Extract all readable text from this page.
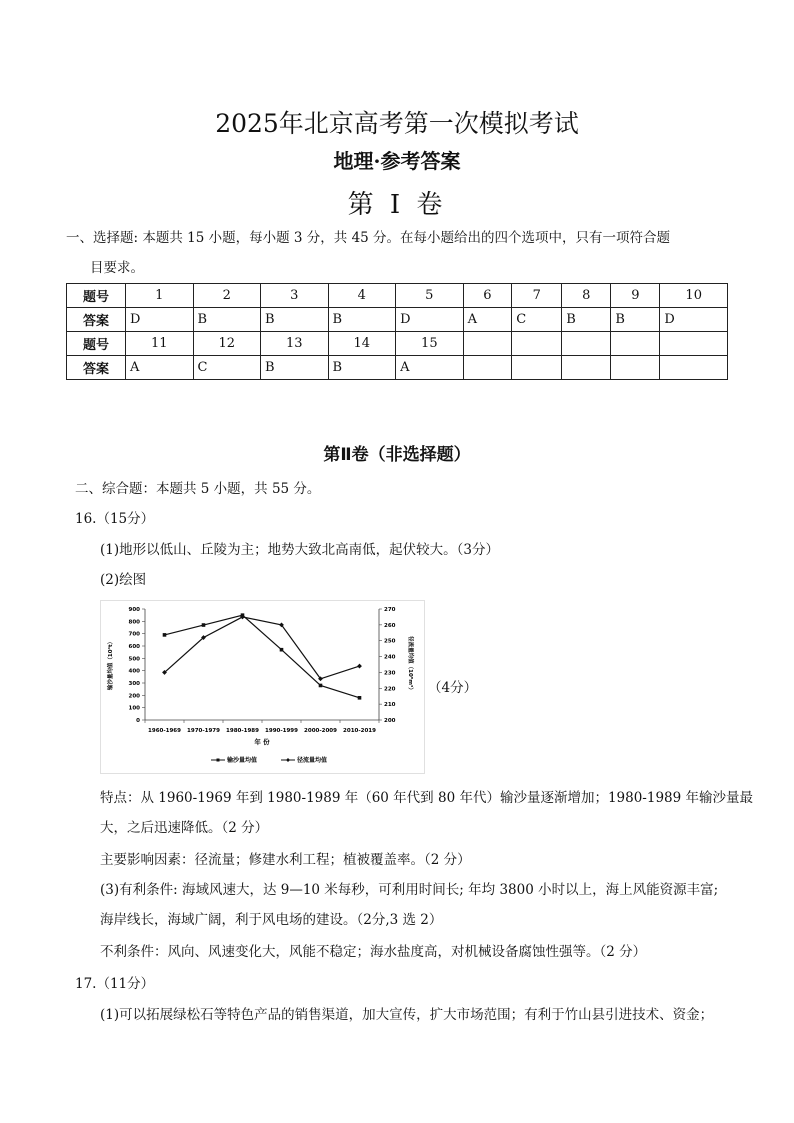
2025年北京高考第一次模拟考试
地理·参考答案
第 I 卷
一、选择题: 本题共 15 小题，每小题 3 分，共 45 分。在每小题给出的四个选项中，只有一项符合题
目要求。
题号	1	2	3	4	5	6	7	8	9	10
答案	D	B	B	B	D	A	C	B	B	D
题号	11	12	13	14	15					
答案	A	C	B	B	A					
第Ⅱ卷（非选择题）
二、综合题：本题共 5 小题，共 55 分。
16.（15分）
(1)地形以低山、丘陵为主；地势大致北高南低，起伏较大。（3分）
(2)绘图
0
100
200
300
400
500
600
700
800
900
200
210
220
230
240
250
260
270
1960-1969 1970-1979 1980-1989 1990-1999 2000-2009 2010-2019
年 份
输沙量均值（10⁴t）	径流量均值（10⁸m³）
输沙量均值	径流量均值
（4分）
特点：从 1960-1969 年到 1980-1989 年（60 年代到 80 年代）输沙量逐渐增加；1980-1989 年输沙量最
大，之后迅速降低。（2 分）
主要影响因素：径流量；修建水利工程；植被覆盖率。（2 分）
(3)有利条件: 海域风速大，达 9—10 米每秒，可利用时间长; 年均 3800 小时以上，海上风能资源丰富;
海岸线长，海域广阔，利于风电场的建设。（2分,3 选 2）
不利条件：风向、风速变化大，风能不稳定；海水盐度高，对机械设备腐蚀性强等。（2 分）
17.（11分）
(1)可以拓展绿松石等特色产品的销售渠道，加大宣传，扩大市场范围；有利于竹山县引进技术、资金；
